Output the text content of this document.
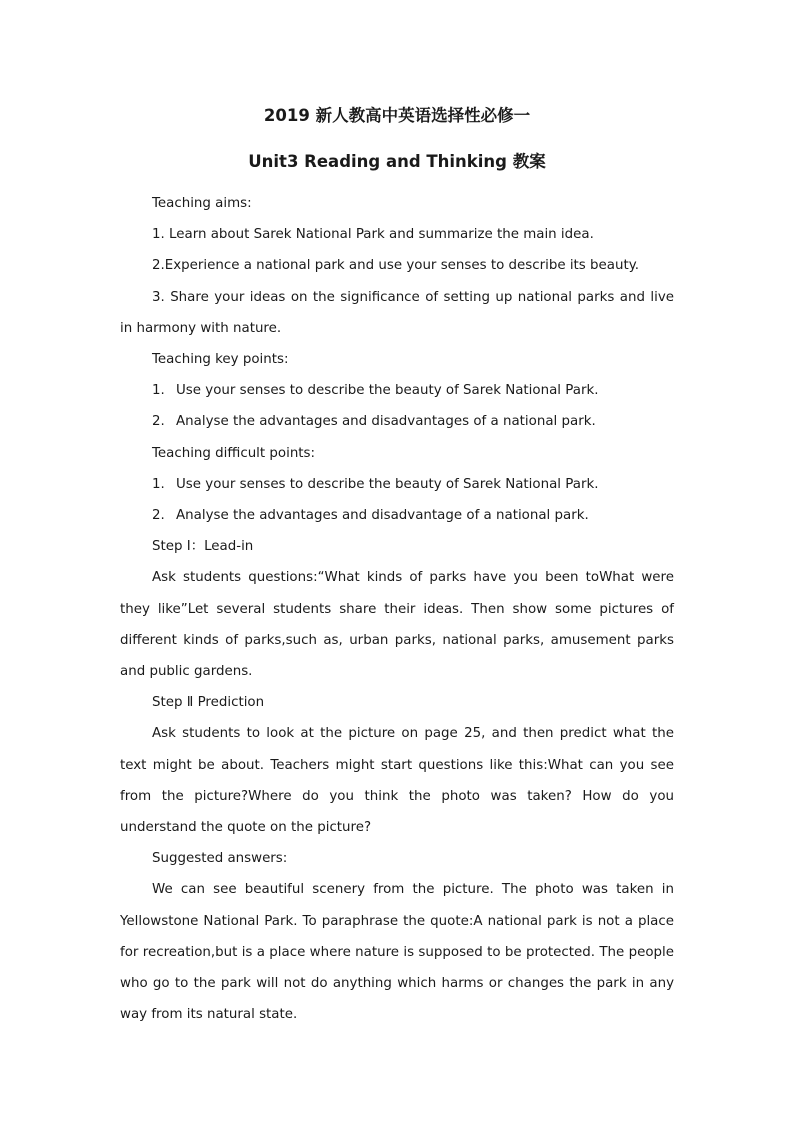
2019 新人教高中英语选择性必修一
Unit3 Reading and Thinking 教案

Teaching aims:

1. Learn about Sarek National Park and summarize the main idea.

2.Experience a national park and use your senses to describe its beauty.

3. Share your ideas on the significance of setting up national parks and live in harmony with nature.

Teaching key points:

1. Use your senses to describe the beauty of Sarek National Park.

2. Analyse the advantages and disadvantages of a national park.

Teaching difficult points:

1. Use your senses to describe the beauty of Sarek National Park.

2. Analyse the advantages and disadvantage of a national park.

Step Ⅰ：Lead-in

Ask students questions:“What kinds of parks have you been toWhat were they like”Let several students share their ideas. Then show some pictures of different kinds of parks,such as, urban parks, national parks, amusement parks and public gardens.

Step Ⅱ Prediction

Ask students to look at the picture on page 25, and then predict what the text might be about. Teachers might start questions like this:What can you see from the picture?Where do you think the photo was taken? How do you understand the quote on the picture?

Suggested answers:

We can see beautiful scenery from the picture. The photo was taken in Yellowstone National Park. To paraphrase the quote:A national park is not a place for recreation,but is a place where nature is supposed to be protected. The people who go to the park will not do anything which harms or changes the park in any way from its natural state.
